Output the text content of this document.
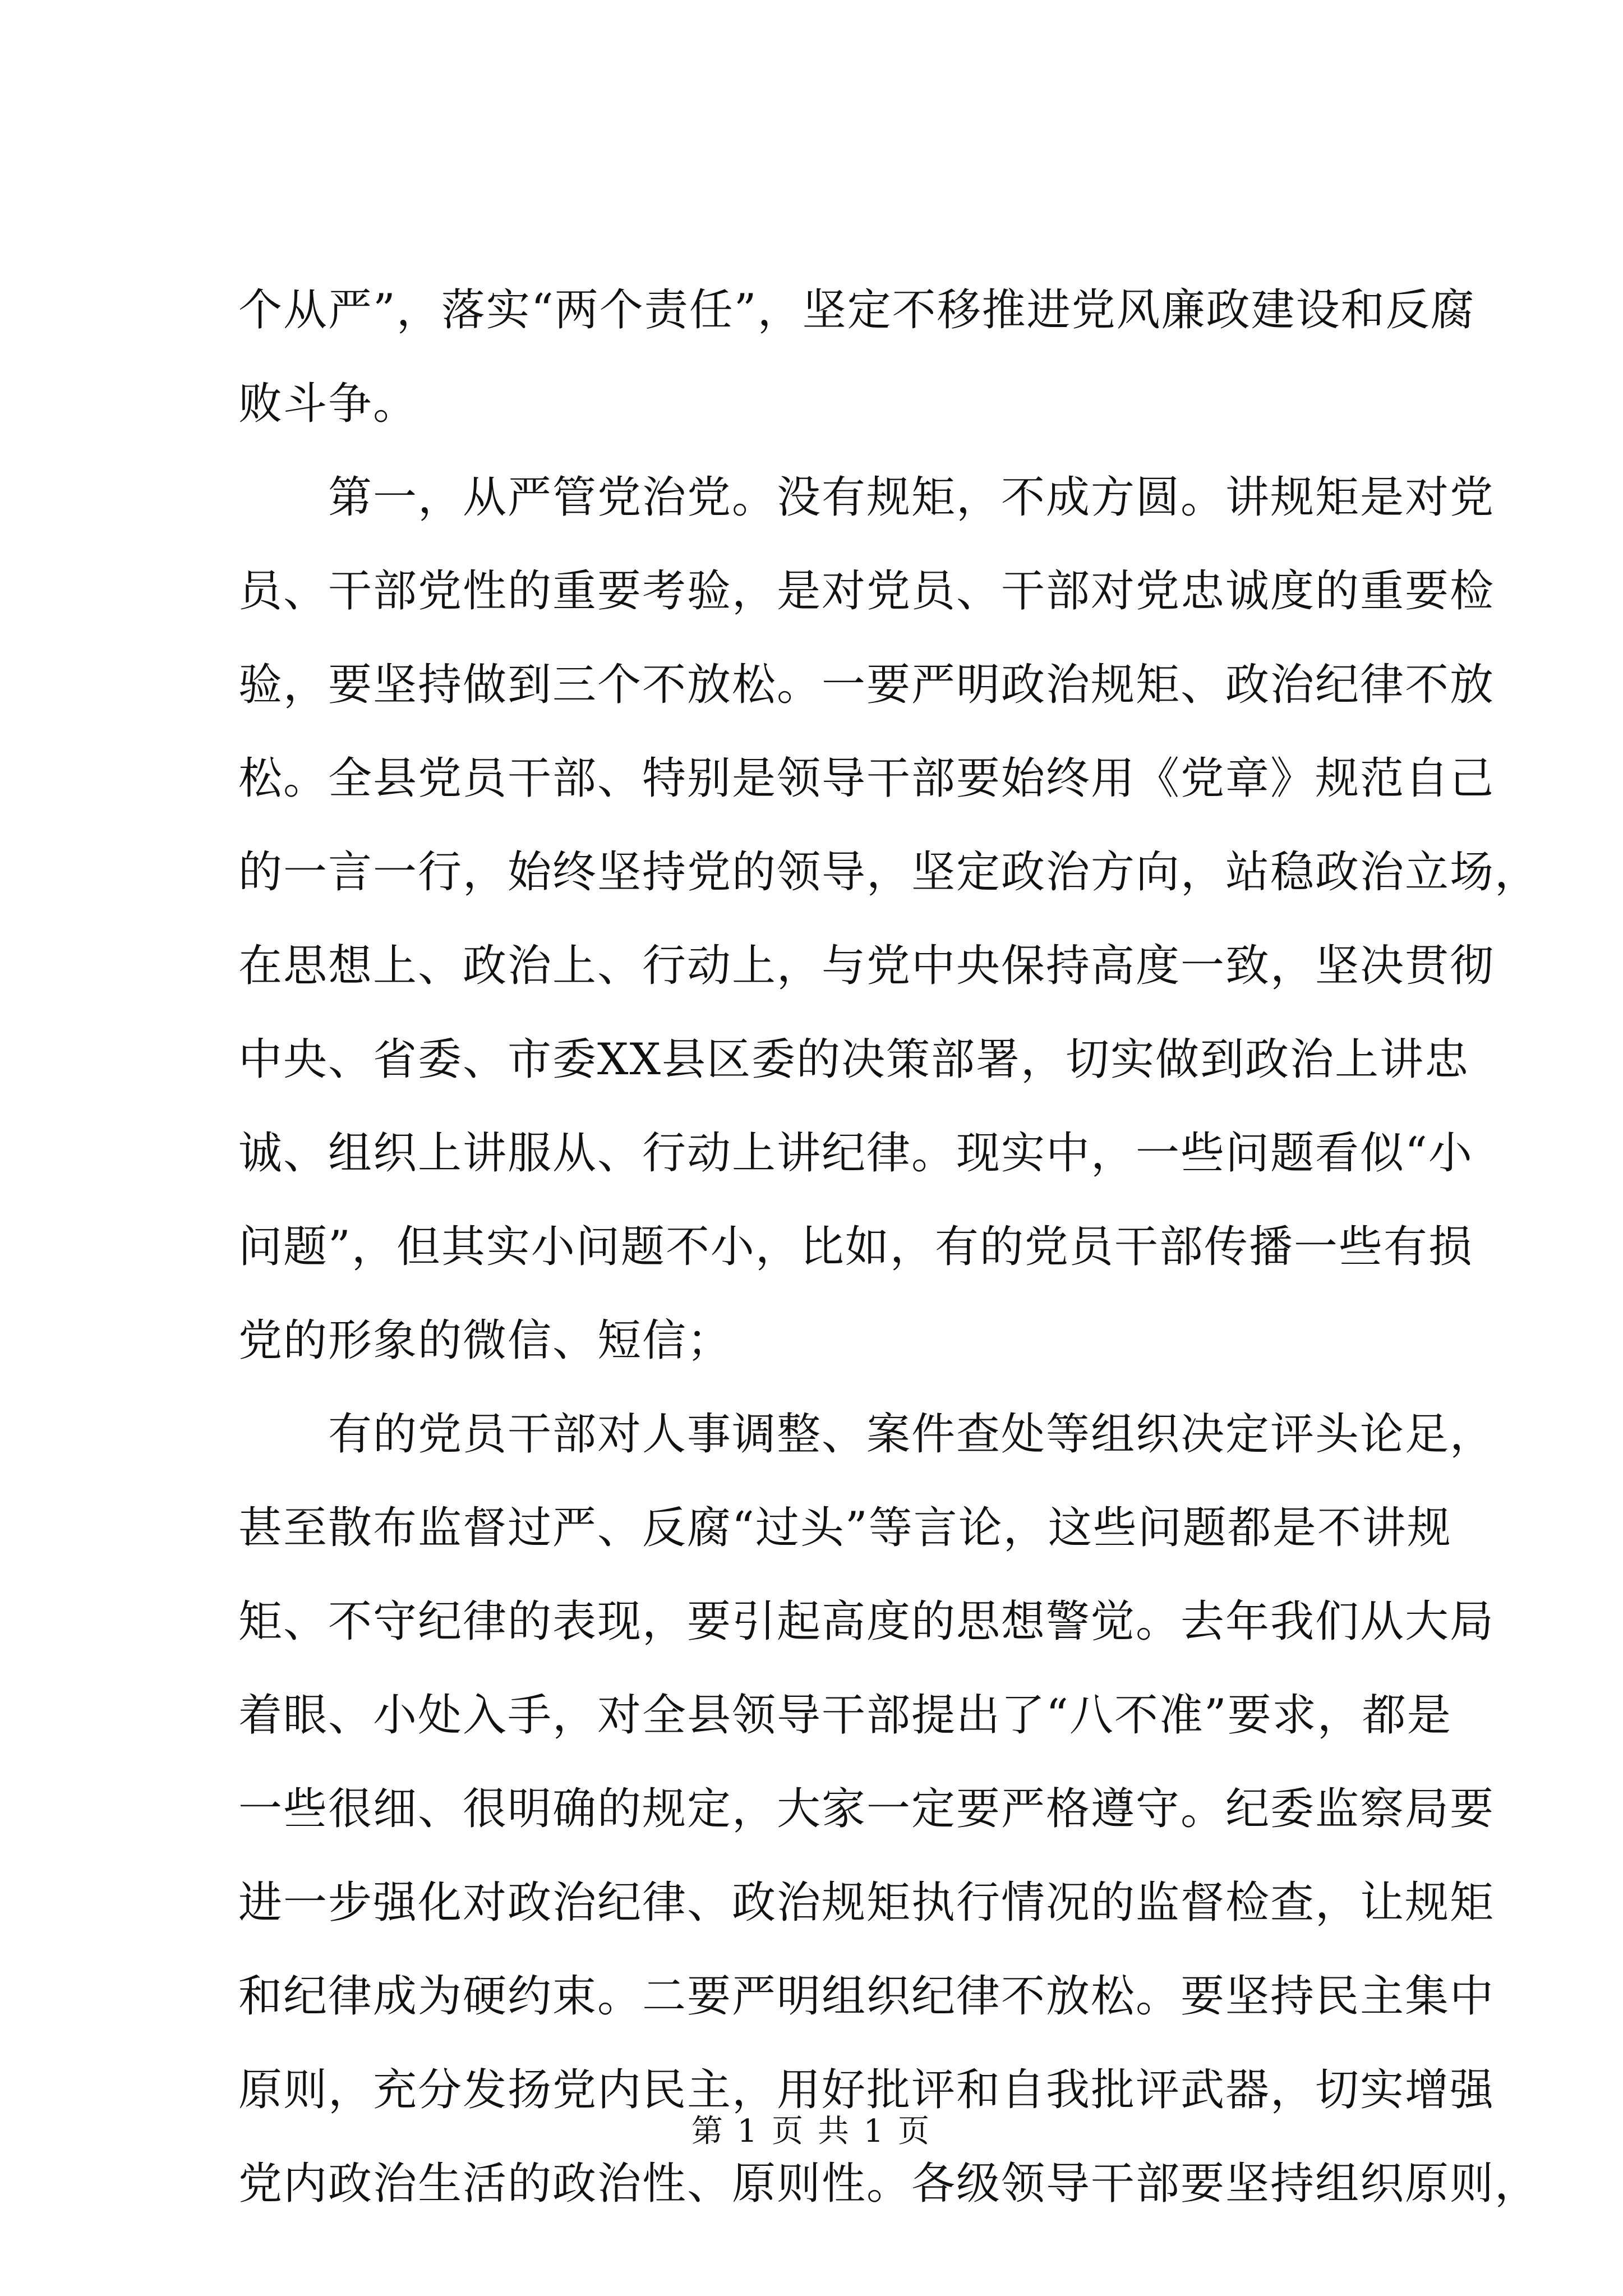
个从严”，落实“两个责任”，坚定不移推进党风廉政建设和反腐
败斗争。
　　第一，从严管党治党。没有规矩，不成方圆。讲规矩是对党
员、干部党性的重要考验，是对党员、干部对党忠诚度的重要检
验，要坚持做到三个不放松。一要严明政治规矩、政治纪律不放
松。全县党员干部、特别是领导干部要始终用《党章》规范自己
的一言一行，始终坚持党的领导，坚定政治方向，站稳政治立场，
在思想上、政治上、行动上，与党中央保持高度一致，坚决贯彻
中央、省委、市委XX县区委的决策部署，切实做到政治上讲忠
诚、组织上讲服从、行动上讲纪律。现实中，一些问题看似“小
问题”，但其实小问题不小，比如，有的党员干部传播一些有损
党的形象的微信、短信；
　　有的党员干部对人事调整、案件查处等组织决定评头论足，
甚至散布监督过严、反腐“过头”等言论，这些问题都是不讲规
矩、不守纪律的表现，要引起高度的思想警觉。去年我们从大局
着眼、小处入手，对全县领导干部提出了“八不准”要求，都是
一些很细、很明确的规定，大家一定要严格遵守。纪委监察局要
进一步强化对政治纪律、政治规矩执行情况的监督检查，让规矩
和纪律成为硬约束。二要严明组织纪律不放松。要坚持民主集中
原则，充分发扬党内民主，用好批评和自我批评武器，切实增强
党内政治生活的政治性、原则性。各级领导干部要坚持组织原则，
第 1 页 共 1 页
